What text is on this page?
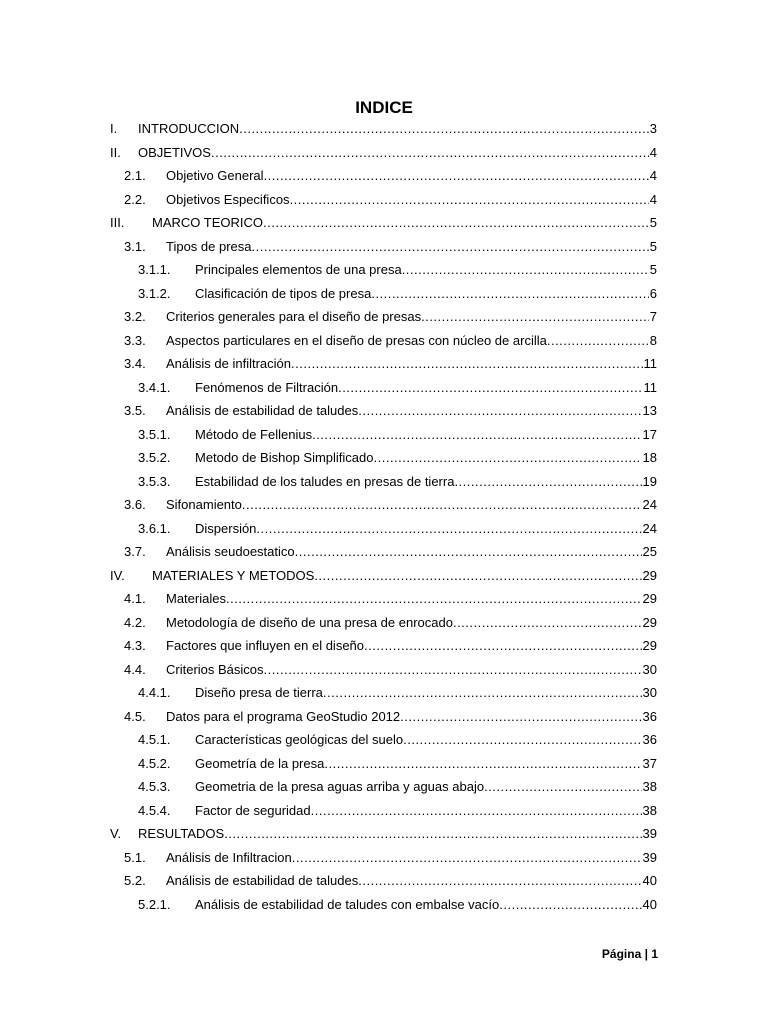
INDICE
I.	INTRODUCCION .....	3
II.	OBJETIVOS .....	4
2.1.	Objetivo General .....	4
2.2.	Objetivos Especificos .....	4
III.	MARCO TEORICO .....	5
3.1.	Tipos de presa .....	5
3.1.1.	Principales elementos de una presa .....	5
3.1.2.	Clasificación de tipos de presa .....	6
3.2.	Criterios generales para el diseño de presas .....	7
3.3.	Aspectos particulares en el diseño de presas con núcleo de arcilla .....	8
3.4.	Análisis de infiltración .....	11
3.4.1.	Fenómenos de Filtración .....	11
3.5.	Análisis de estabilidad de taludes .....	13
3.5.1.	Método de Fellenius .....	17
3.5.2.	Metodo de Bishop Simplificado .....	18
3.5.3.	Estabilidad de los taludes en presas de tierra .....	19
3.6.	Sifonamiento .....	24
3.6.1.	Dispersión .....	24
3.7.	Análisis seudoestatico .....	25
IV.	MATERIALES Y METODOS .....	29
4.1.	Materiales .....	29
4.2.	Metodología de diseño de una presa de enrocado .....	29
4.3.	Factores que influyen en el diseño .....	29
4.4.	Criterios Básicos .....	30
4.4.1.	Diseño presa de tierra .....	30
4.5.	Datos para el programa GeoStudio 2012 .....	36
4.5.1.	Características geológicas del suelo .....	36
4.5.2.	Geometría de la presa .....	37
4.5.3.	Geometria de la presa aguas arriba y aguas abajo .....	38
4.5.4.	Factor de seguridad .....	38
V.	RESULTADOS .....	39
5.1.	Análisis de Infiltracion .....	39
5.2.	Análisis de estabilidad de taludes .....	40
5.2.1.	Análisis de estabilidad de taludes con embalse vacío .....	40
Página | 1
